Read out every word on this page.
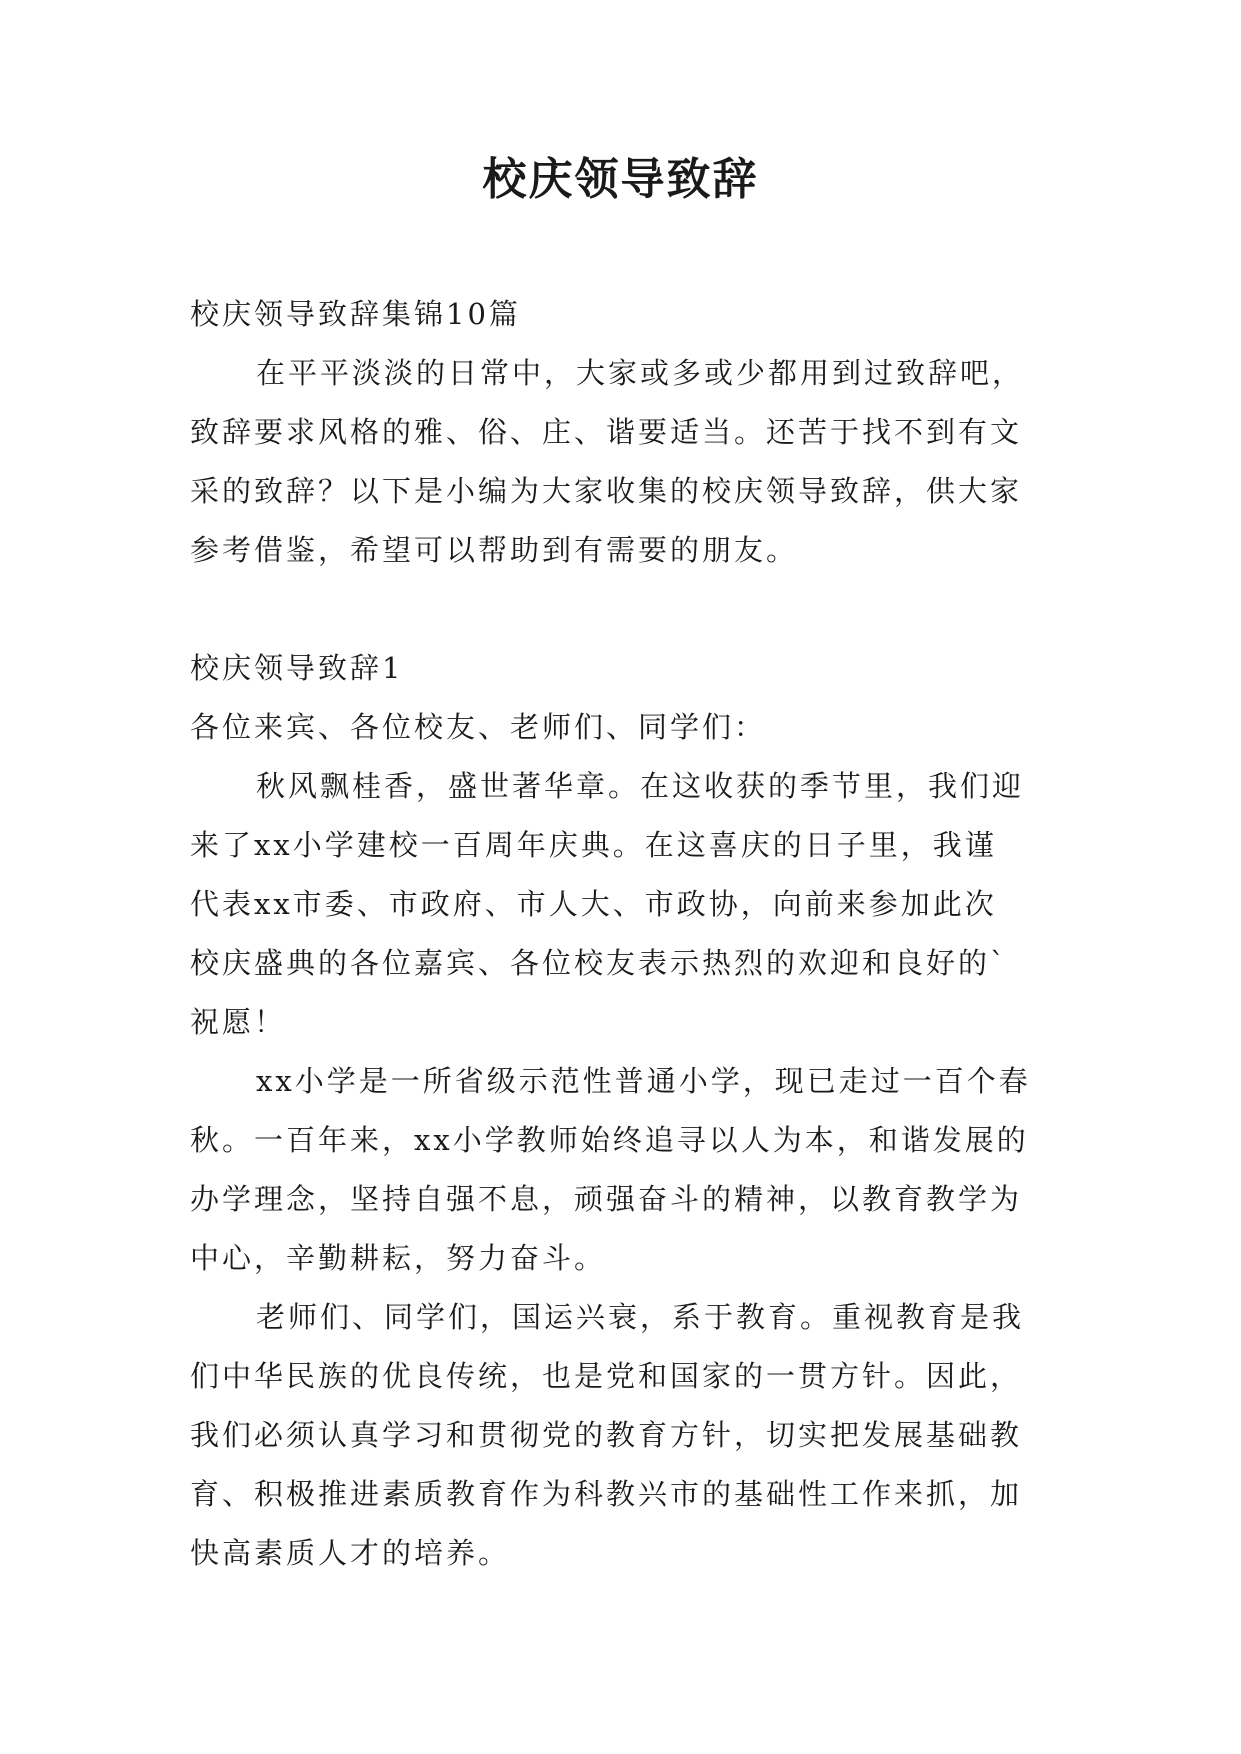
校庆领导致辞
校庆领导致辞集锦10篇
在平平淡淡的日常中，大家或多或少都用到过致辞吧，
致辞要求风格的雅、俗、庄、谐要适当。还苦于找不到有文
采的致辞？以下是小编为大家收集的校庆领导致辞，供大家
参考借鉴，希望可以帮助到有需要的朋友。
校庆领导致辞1
各位来宾、各位校友、老师们、同学们：
秋风飘桂香，盛世著华章。在这收获的季节里，我们迎
来了xx小学建校一百周年庆典。在这喜庆的日子里，我谨
代表xx市委、市政府、市人大、市政协，向前来参加此次
校庆盛典的各位嘉宾、各位校友表示热烈的欢迎和良好的`
祝愿！
xx小学是一所省级示范性普通小学，现已走过一百个春
秋。一百年来，xx小学教师始终追寻以人为本，和谐发展的
办学理念，坚持自强不息，顽强奋斗的精神，以教育教学为
中心，辛勤耕耘，努力奋斗。
老师们、同学们，国运兴衰，系于教育。重视教育是我
们中华民族的优良传统，也是党和国家的一贯方针。因此，
我们必须认真学习和贯彻党的教育方针，切实把发展基础教
育、积极推进素质教育作为科教兴市的基础性工作来抓，加
快高素质人才的培养。
